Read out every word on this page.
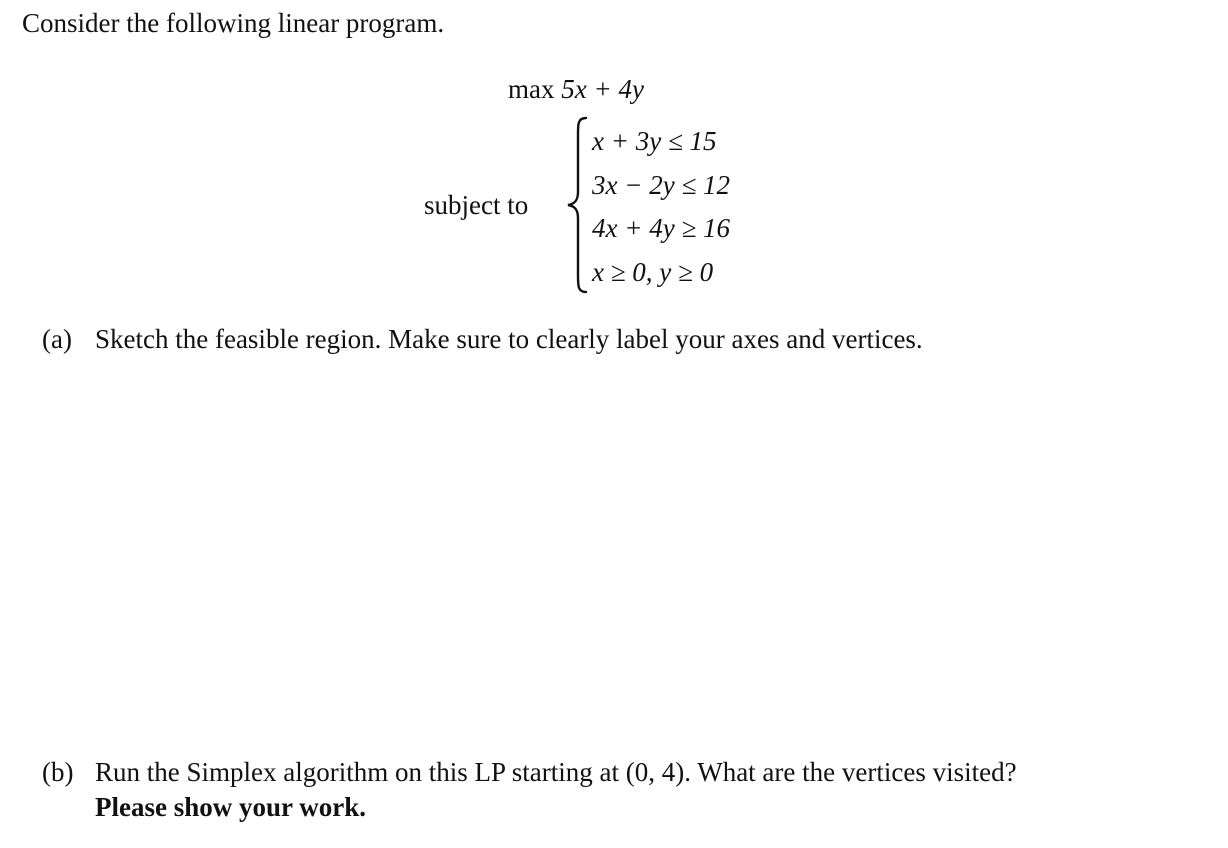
Consider the following linear program.
max 5x + 4y
subject to
x + 3y ≤ 15
3x − 2y ≤ 12
4x + 4y ≥ 16
x ≥ 0, y ≥ 0
(a) Sketch the feasible region. Make sure to clearly label your axes and vertices.
(b) Run the Simplex algorithm on this LP starting at (0, 4). What are the vertices visited?
Please show your work.
